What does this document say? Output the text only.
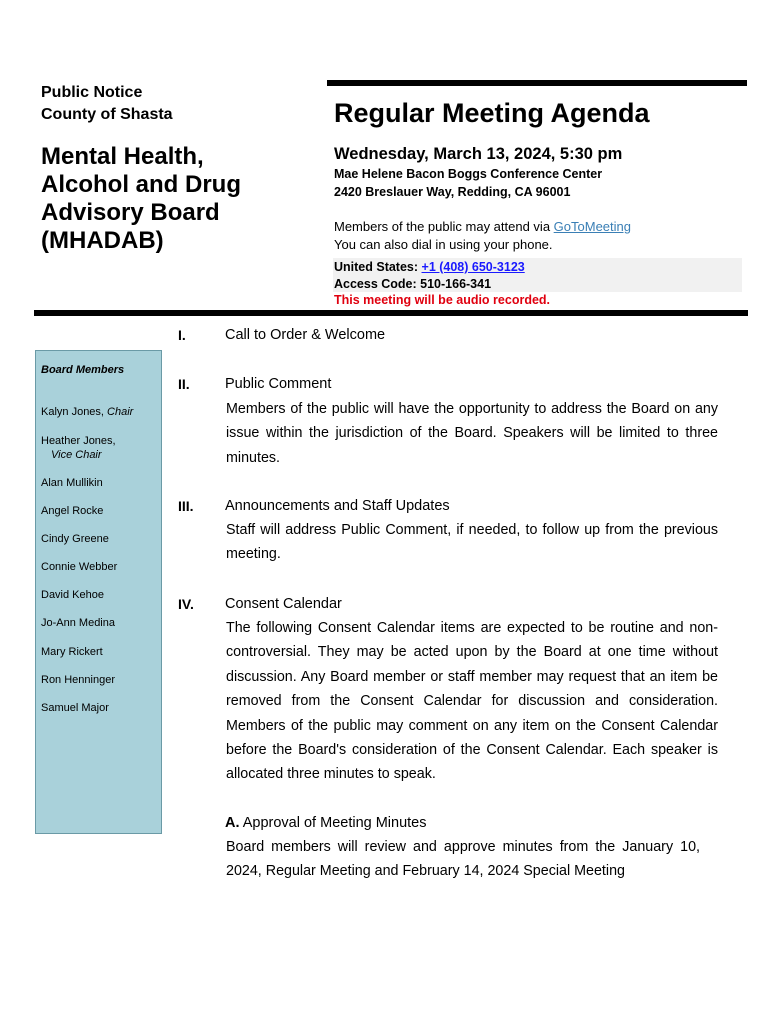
Public Notice
County of Shasta
Mental Health,
Alcohol and Drug
Advisory Board
(MHADAB)
Regular Meeting Agenda
Wednesday, March 13, 2024, 5:30 pm
Mae Helene Bacon Boggs Conference Center
2420 Breslauer Way, Redding, CA 96001
Members of the public may attend via GoToMeeting
You can also dial in using your phone.
United States: +1 (408) 650-3123
Access Code: 510-166-341
This meeting will be audio recorded.
Board Members
Kalyn Jones, Chair
Heather Jones,
Vice Chair
Alan Mullikin
Angel Rocke
Cindy Greene
Connie Webber
David Kehoe
Jo-Ann Medina
Mary Rickert
Ron Henninger
Samuel Major
I.	Call to Order & Welcome
II. Public Comment
Members of the public will have the opportunity to address the Board on any issue within the jurisdiction of the Board. Speakers will be limited to three minutes.
III. Announcements and Staff Updates
Staff will address Public Comment, if needed, to follow up from the previous meeting.
IV. Consent Calendar
The following Consent Calendar items are expected to be routine and non-controversial. They may be acted upon by the Board at one time without discussion. Any Board member or staff member may request that an item be removed from the Consent Calendar for discussion and consideration. Members of the public may comment on any item on the Consent Calendar before the Board's consideration of the Consent Calendar. Each speaker is allocated three minutes to speak.
A. Approval of Meeting Minutes
Board members will review and approve minutes from the January 10, 2024, Regular Meeting and February 14, 2024 Special Meeting
